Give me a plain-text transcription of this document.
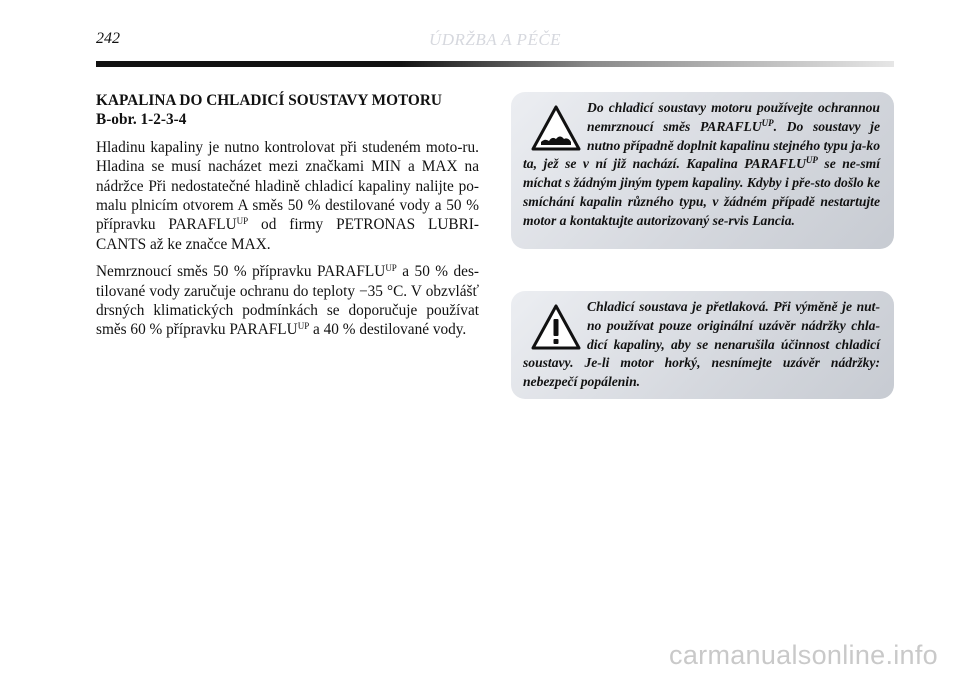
242	ÚDRŽBA A PÉČE
KAPALINA DO CHLADICÍ SOUSTAVY MOTORU
B-obr. 1-2-3-4

Hladinu kapaliny je nutno kontrolovat při studeném moto-ru. Hladina se musí nacházet mezi značkami MIN a MAX na nádržce Při nedostatečné hladině chladicí kapaliny nalijte po-malu plnicím otvorem A směs 50 % destilované vody a 50 % přípravku $PARAFLU^{UP}$ od firmy PETRONAS LUBRI-CANTS až ke značce MAX.

Nemrznoucí směs 50 % přípravku $PARAFLU^{UP}$ a 50 % des-tilované vody zaručuje ochranu do teploty −35 °C. V obzvlášť drsných klimatických podmínkách se doporučuje používat směs 60 % přípravku $PARAFLU^{UP}$ a 40 % destilované vody.

Do chladicí soustavy motoru používejte ochrannou nemrznoucí směs $PARAFLU^{UP}$. Do soustavy je nutno případně doplnit kapalinu stejného typu ja-ko ta, jež se v ní již nachází. Kapalina $PARAFLU^{UP}$ se ne-smí míchat s žádným jiným typem kapaliny. Kdyby i pře-sto došlo ke smíchání kapalin různého typu, v žádném případě nestartujte motor a kontaktujte autorizovaný se-rvis Lancia.
Chladicí soustava je přetlaková. Při výměně je nut-no používat pouze originální uzávěr nádržky chla-dicí kapaliny, aby se nenarušila účinnost chladicí soustavy. Je-li motor horký, nesnímejte uzávěr nádržky: nebezpečí popálenin.
carmanualsonline.info
